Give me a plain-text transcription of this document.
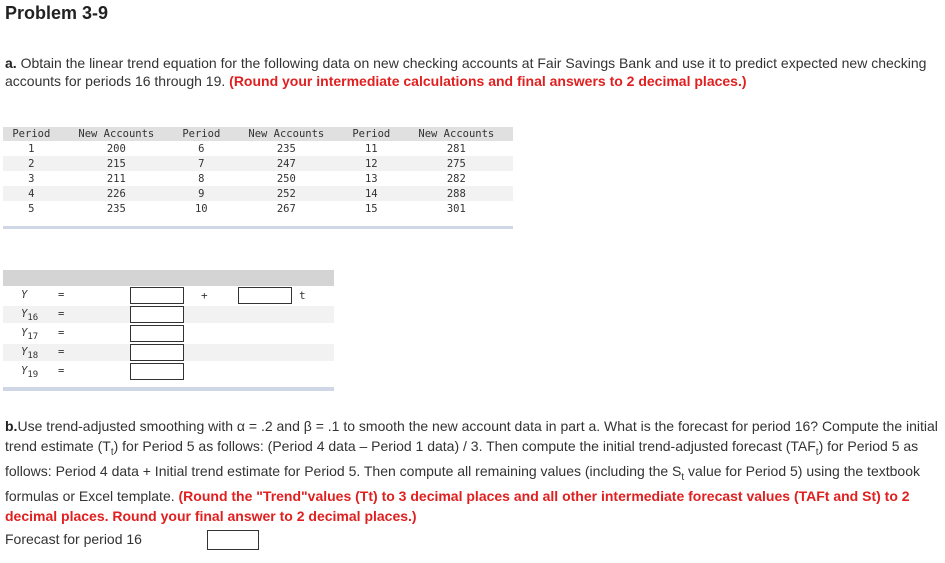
Problem 3-9
a. Obtain the linear trend equation for the following data on new checking accounts at Fair Savings Bank and use it to predict expected new checking accounts for periods 16 through 19. (Round your intermediate calculations and final answers to 2 decimal places.)
Period	New Accounts	Period	New Accounts	Period	New Accounts
1	200	6	235	11	281
2	215	7	247	12	275
3	211	8	250	13	282
4	226	9	252	14	288
5	235	10	267	15	301
Y	=	+	t
$Y_{16}$ =
$Y_{17}$ =
$Y_{18}$ =
$Y_{19}$ =
b.Use trend-adjusted smoothing with α = .2 and β = .1 to smooth the new account data in part a. What is the forecast for period 16? Compute the initial trend estimate $(T_t)$ for Period 5 as follows: (Period 4 data – Period 1 data) / 3. Then compute the initial trend-adjusted forecast $(TAF_t)$ for Period 5 as follows: Period 4 data + Initial trend estimate for Period 5. Then compute all remaining values (including the $S_t$ value for Period 5) using the textbook formulas or Excel template. (Round the "Trend"values (Tt) to 3 decimal places and all other intermediate forecast values (TAFt and St) to 2 decimal places. Round your final answer to 2 decimal places.)
Forecast for period 16
